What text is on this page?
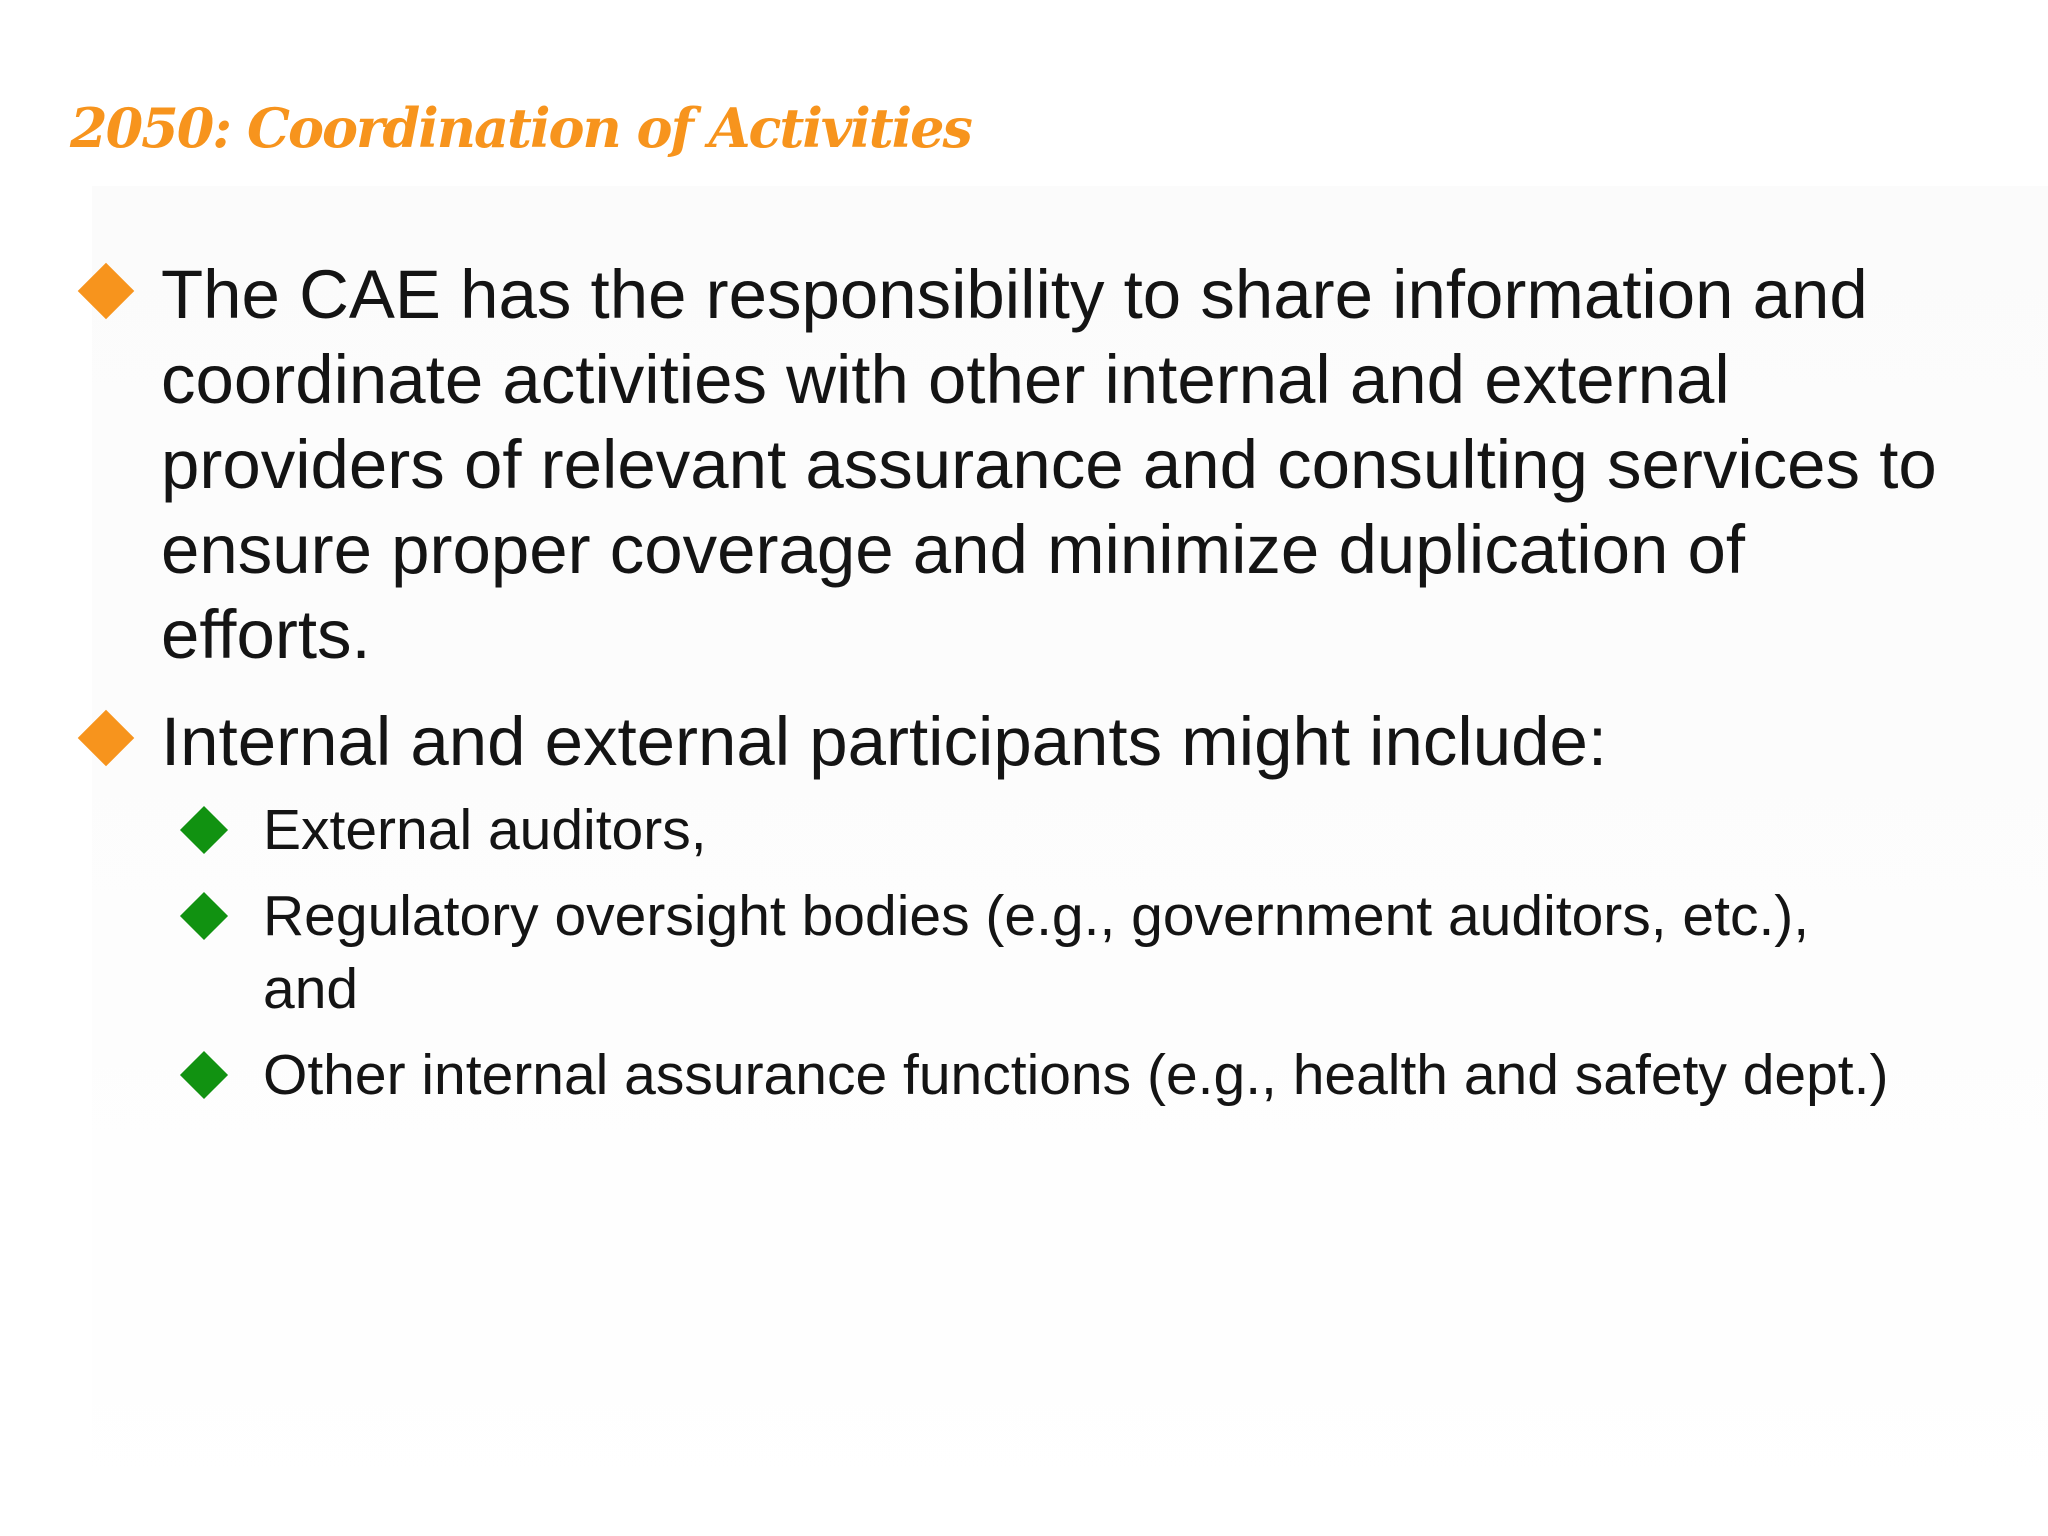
2050: Coordination of Activities
The CAE has the responsibility to share information and coordinate activities with other internal and external providers of relevant assurance and consulting services to ensure proper coverage and minimize duplication of efforts.
Internal and external participants might include:
External auditors,
Regulatory oversight bodies (e.g., government auditors, etc.), and
Other internal assurance functions (e.g., health and safety dept.)
